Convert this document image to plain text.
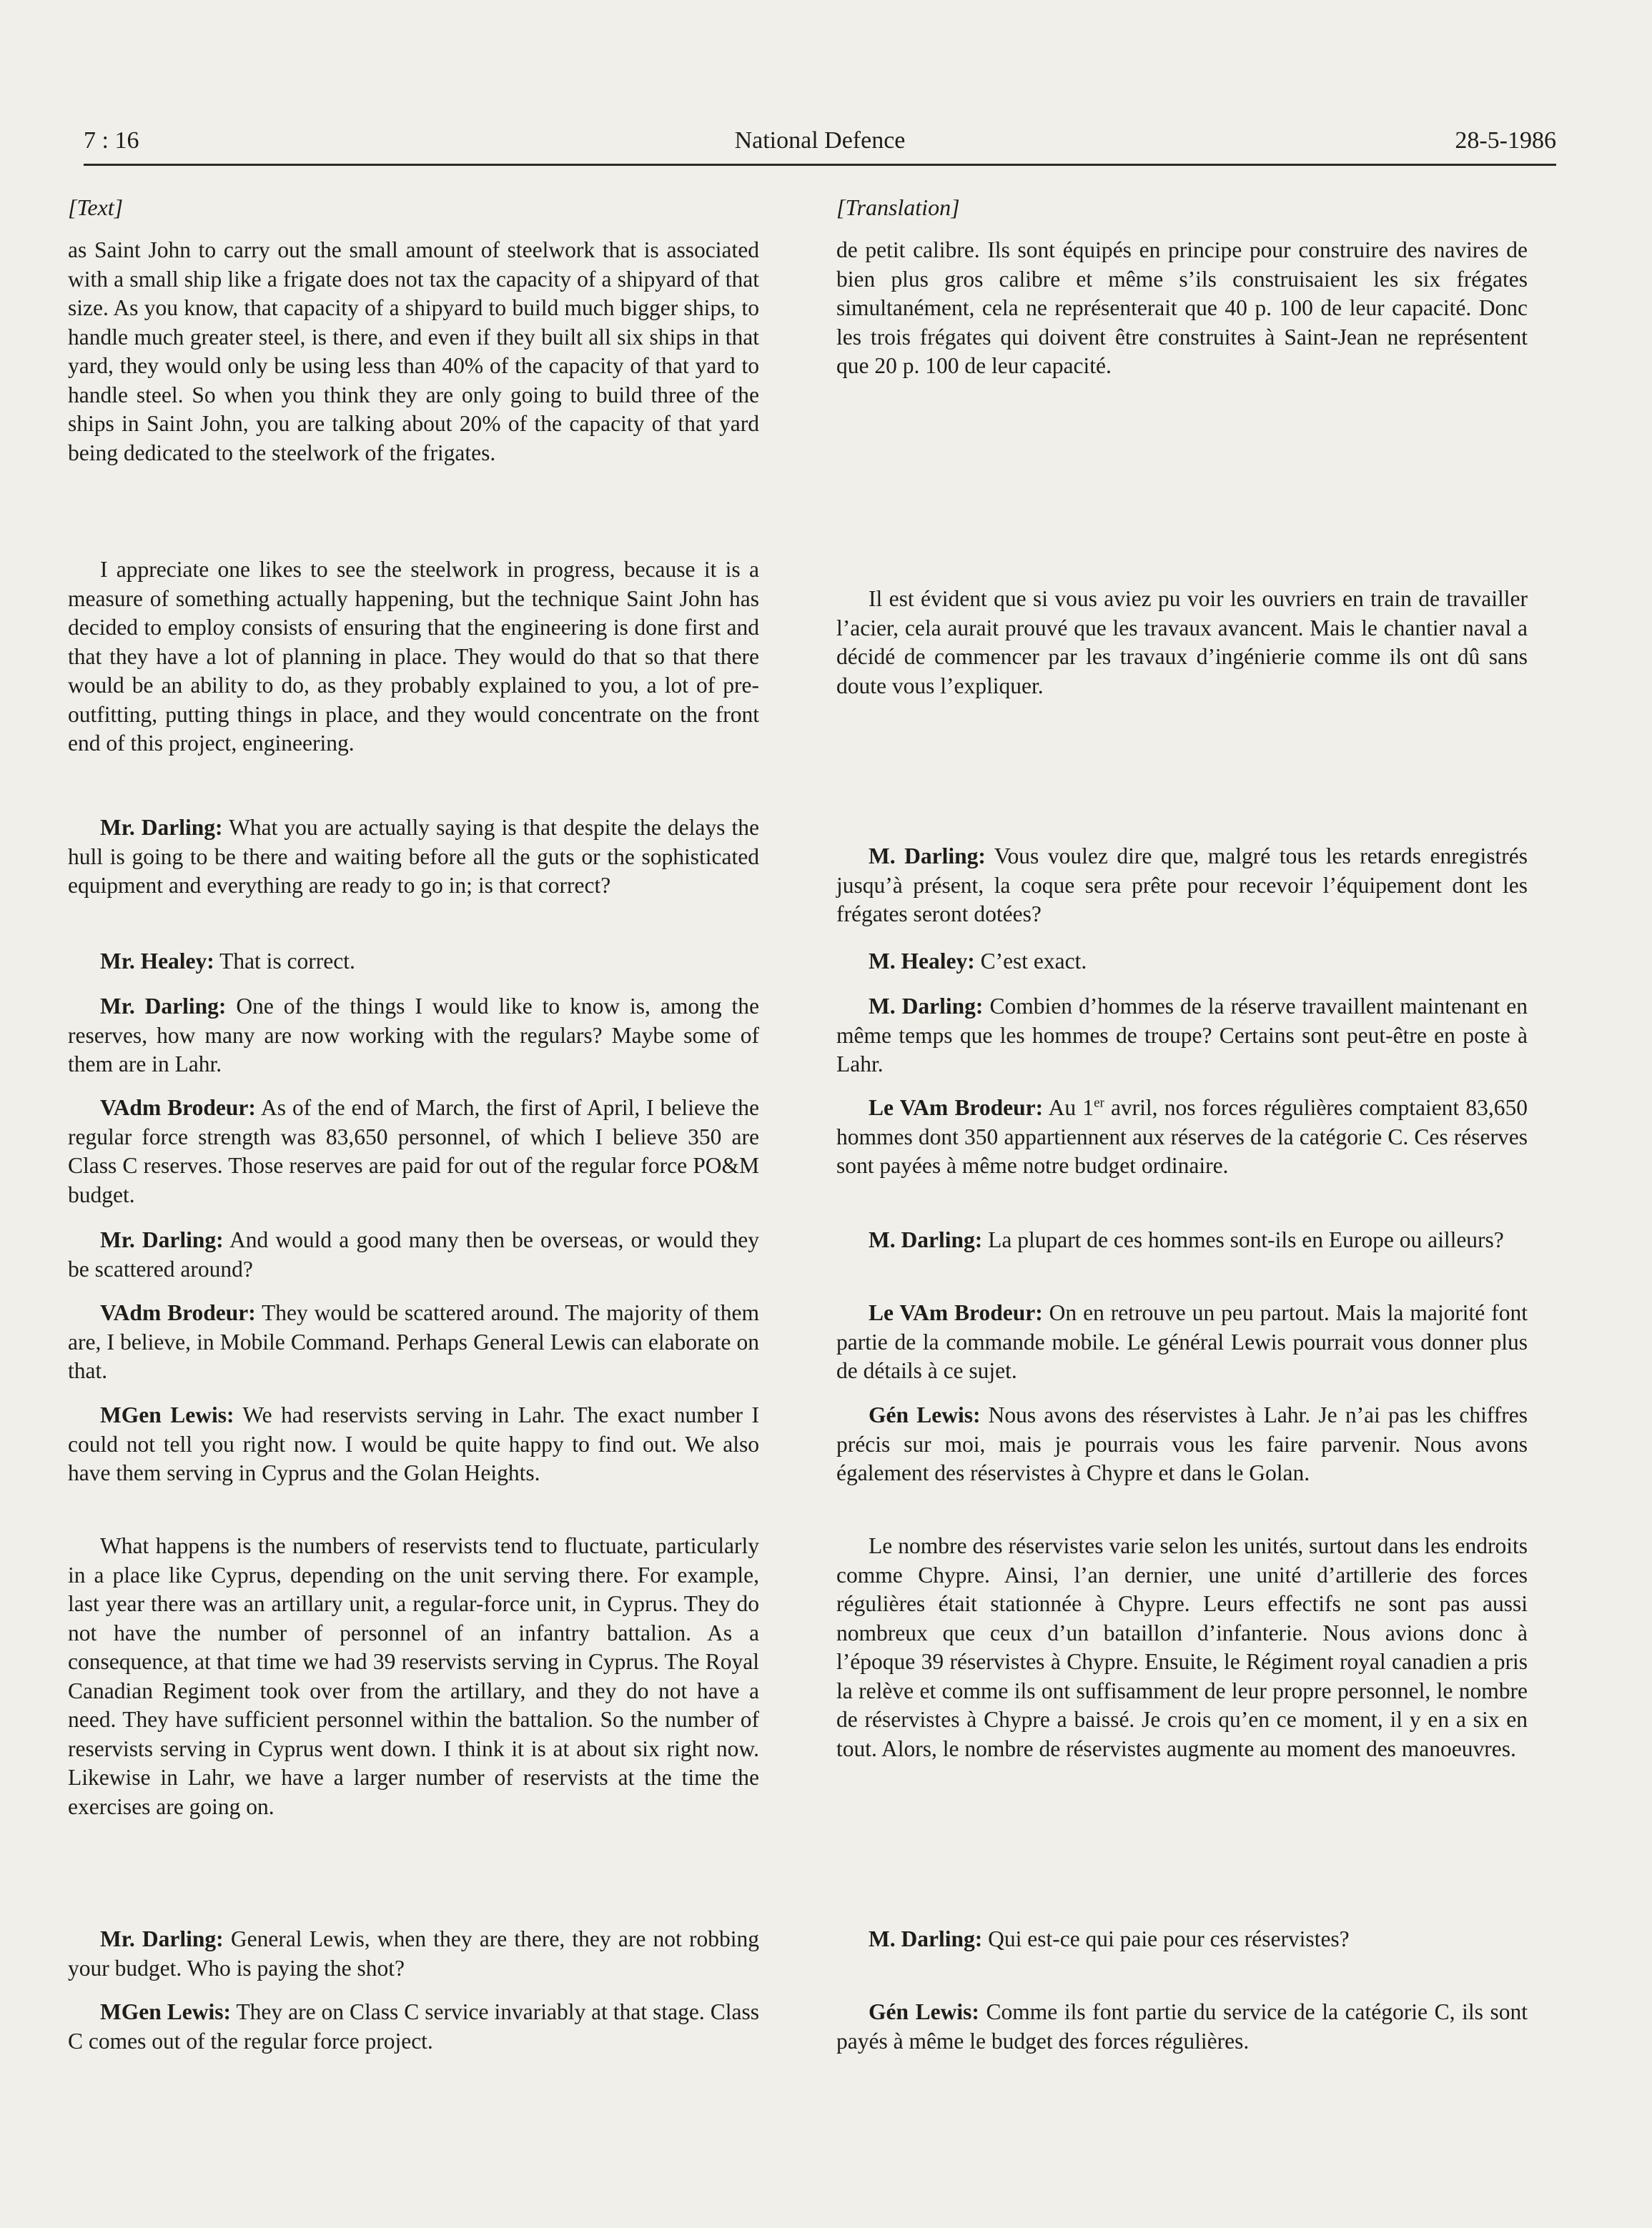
7 : 16	National Defence	28-5-1986
[Text]

as Saint John to carry out the small amount of steelwork that is associated with a small ship like a frigate does not tax the capacity of a shipyard of that size. As you know, that capacity of a shipyard to build much bigger ships, to handle much greater steel, is there, and even if they built all six ships in that yard, they would only be using less than 40% of the capacity of that yard to handle steel. So when you think they are only going to build three of the ships in Saint John, you are talking about 20% of the capacity of that yard being dedicated to the steelwork of the frigates.

I appreciate one likes to see the steelwork in progress, because it is a measure of something actually happening, but the technique Saint John has decided to employ consists of ensuring that the engineering is done first and that they have a lot of planning in place. They would do that so that there would be an ability to do, as they probably explained to you, a lot of pre-outfitting, putting things in place, and they would concentrate on the front end of this project, engineering.

Mr. Darling: What you are actually saying is that despite the delays the hull is going to be there and waiting before all the guts or the sophisticated equipment and everything are ready to go in; is that correct?

Mr. Healey: That is correct.

Mr. Darling: One of the things I would like to know is, among the reserves, how many are now working with the regulars? Maybe some of them are in Lahr.

VAdm Brodeur: As of the end of March, the first of April, I believe the regular force strength was 83,650 personnel, of which I believe 350 are Class C reserves. Those reserves are paid for out of the regular force PO&M budget.

Mr. Darling: And would a good many then be overseas, or would they be scattered around?

VAdm Brodeur: They would be scattered around. The majority of them are, I believe, in Mobile Command. Perhaps General Lewis can elaborate on that.

MGen Lewis: We had reservists serving in Lahr. The exact number I could not tell you right now. I would be quite happy to find out. We also have them serving in Cyprus and the Golan Heights.

What happens is the numbers of reservists tend to fluctuate, particularly in a place like Cyprus, depending on the unit serving there. For example, last year there was an artillary unit, a regular-force unit, in Cyprus. They do not have the number of personnel of an infantry battalion. As a consequence, at that time we had 39 reservists serving in Cyprus. The Royal Canadian Regiment took over from the artillary, and they do not have a need. They have sufficient personnel within the battalion. So the number of reservists serving in Cyprus went down. I think it is at about six right now. Likewise in Lahr, we have a larger number of reservists at the time the exercises are going on.

Mr. Darling: General Lewis, when they are there, they are not robbing your budget. Who is paying the shot?

MGen Lewis: They are on Class C service invariably at that stage. Class C comes out of the regular force project.

[Translation]

de petit calibre. Ils sont équipés en principe pour construire des navires de bien plus gros calibre et même s’ils construisaient les six frégates simultanément, cela ne représenterait que 40 p. 100 de leur capacité. Donc les trois frégates qui doivent être construites à Saint-Jean ne représentent que 20 p. 100 de leur capacité.

Il est évident que si vous aviez pu voir les ouvriers en train de travailler l’acier, cela aurait prouvé que les travaux avancent. Mais le chantier naval a décidé de commencer par les travaux d’ingénierie comme ils ont dû sans doute vous l’expliquer.

M. Darling: Vous voulez dire que, malgré tous les retards enregistrés jusqu’à présent, la coque sera prête pour recevoir l’équipement dont les frégates seront dotées?

M. Healey: C’est exact.

M. Darling: Combien d’hommes de la réserve travaillent maintenant en même temps que les hommes de troupe? Certains sont peut-être en poste à Lahr.

Le VAm Brodeur: Au 1er avril, nos forces régulières comptaient 83,650 hommes dont 350 appartiennent aux réserves de la catégorie C. Ces réserves sont payées à même notre budget ordinaire.

M. Darling: La plupart de ces hommes sont-ils en Europe ou ailleurs?

Le VAm Brodeur: On en retrouve un peu partout. Mais la majorité font partie de la commande mobile. Le général Lewis pourrait vous donner plus de détails à ce sujet.

Gén Lewis: Nous avons des réservistes à Lahr. Je n’ai pas les chiffres précis sur moi, mais je pourrais vous les faire parvenir. Nous avons également des réservistes à Chypre et dans le Golan.

Le nombre des réservistes varie selon les unités, surtout dans les endroits comme Chypre. Ainsi, l’an dernier, une unité d’artillerie des forces régulières était stationnée à Chypre. Leurs effectifs ne sont pas aussi nombreux que ceux d’un bataillon d’infanterie. Nous avions donc à l’époque 39 réservistes à Chypre. Ensuite, le Régiment royal canadien a pris la relève et comme ils ont suffisamment de leur propre personnel, le nombre de réservistes à Chypre a baissé. Je crois qu’en ce moment, il y en a six en tout. Alors, le nombre de réservistes augmente au moment des manoeuvres.

M. Darling: Qui est-ce qui paie pour ces réservistes?

Gén Lewis: Comme ils font partie du service de la catégorie C, ils sont payés à même le budget des forces régulières.
